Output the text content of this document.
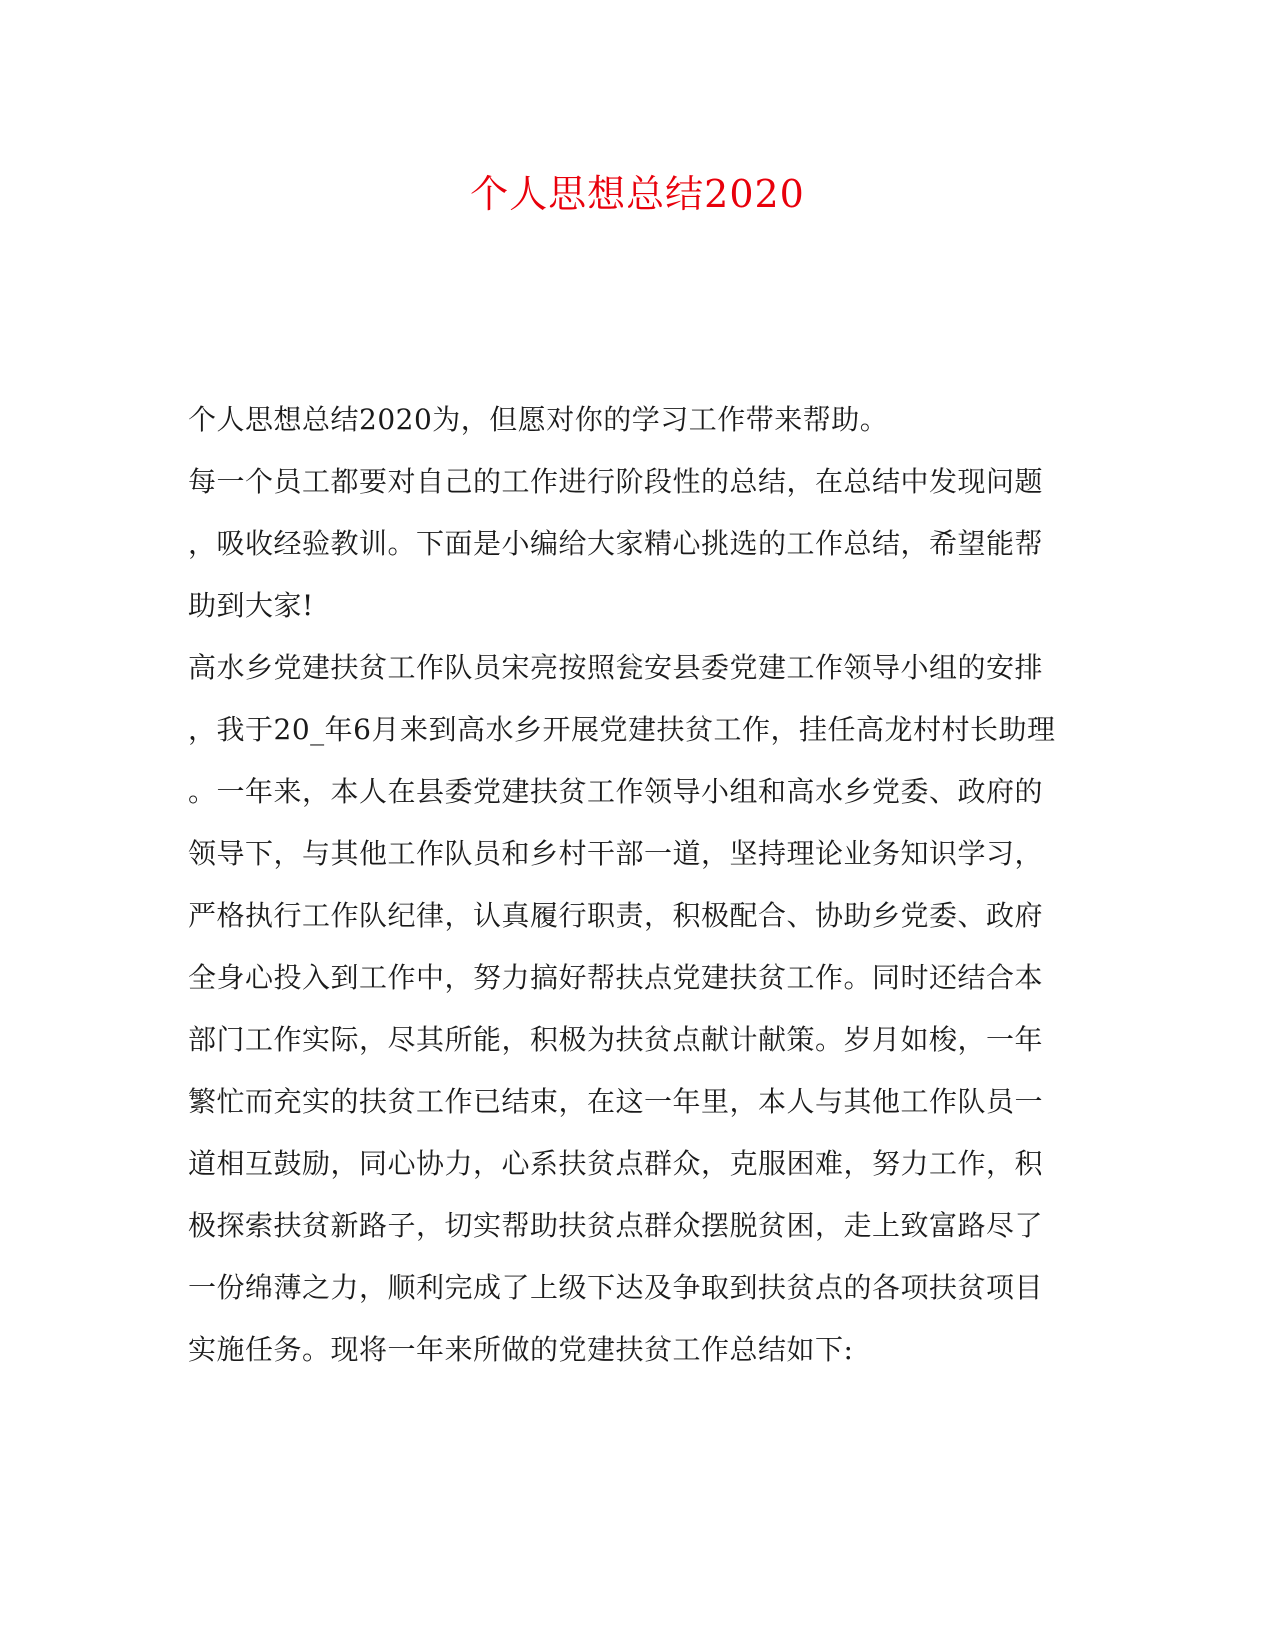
个人思想总结2020
个人思想总结2020为，但愿对你的学习工作带来帮助。
每一个员工都要对自己的工作进行阶段性的总结，在总结中发现问题
，吸收经验教训。下面是小编给大家精心挑选的工作总结，希望能帮
助到大家!
高水乡党建扶贫工作队员宋亮按照瓮安县委党建工作领导小组的安排
，我于20_年6月来到高水乡开展党建扶贫工作，挂任高龙村村长助理
。一年来，本人在县委党建扶贫工作领导小组和高水乡党委、政府的
领导下，与其他工作队员和乡村干部一道，坚持理论业务知识学习，
严格执行工作队纪律，认真履行职责，积极配合、协助乡党委、政府
全身心投入到工作中，努力搞好帮扶点党建扶贫工作。同时还结合本
部门工作实际，尽其所能，积极为扶贫点献计献策。岁月如梭，一年
繁忙而充实的扶贫工作已结束，在这一年里，本人与其他工作队员一
道相互鼓励，同心协力，心系扶贫点群众，克服困难，努力工作，积
极探索扶贫新路子，切实帮助扶贫点群众摆脱贫困，走上致富路尽了
一份绵薄之力，顺利完成了上级下达及争取到扶贫点的各项扶贫项目
实施任务。现将一年来所做的党建扶贫工作总结如下:
